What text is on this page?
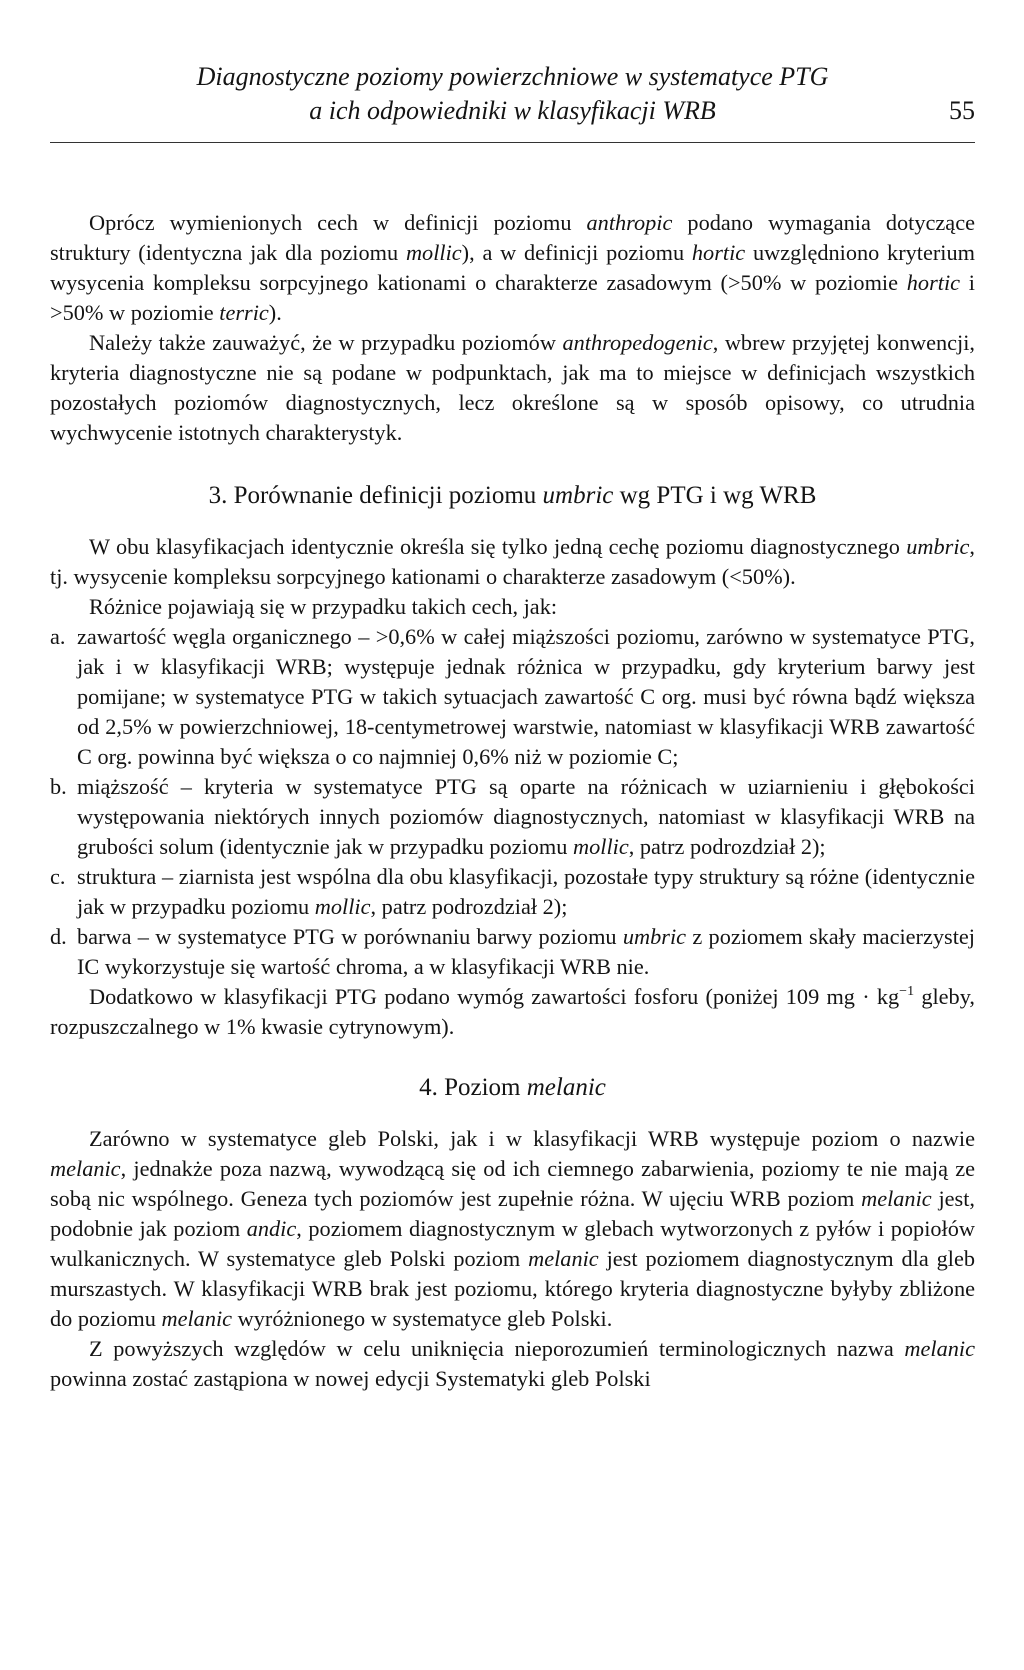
Diagnostyczne poziomy powierzchniowe w systematyce PTG
a ich odpowiedniki w klasyfikacji WRB	55

Oprócz wymienionych cech w definicji poziomu anthropic podano wymagania dotyczące struktury (identyczna jak dla poziomu mollic), a w definicji poziomu hortic uwzględniono kryterium wysycenia kompleksu sorpcyjnego kationami o charakterze zasadowym (>50% w poziomie hortic i >50% w poziomie terric).

Należy także zauważyć, że w przypadku poziomów anthropedogenic, wbrew przyjętej konwencji, kryteria diagnostyczne nie są podane w podpunktach, jak ma to miejsce w definicjach wszystkich pozostałych poziomów diagnostycznych, lecz określone są w sposób opisowy, co utrudnia wychwycenie istotnych charakterystyk.

3. Porównanie definicji poziomu umbric wg PTG i wg WRB

W obu klasyfikacjach identycznie określa się tylko jedną cechę poziomu diagnostycznego umbric, tj. wysycenie kompleksu sorpcyjnego kationami o charakterze zasadowym (<50%).

Różnice pojawiają się w przypadku takich cech, jak:

a. zawartość węgla organicznego – >0,6% w całej miąższości poziomu, zarówno w systematyce PTG, jak i w klasyfikacji WRB; występuje jednak różnica w przypadku, gdy kryterium barwy jest pomijane; w systematyce PTG w takich sytuacjach zawartość C org. musi być równa bądź większa od 2,5% w powierzchniowej, 18-centymetrowej warstwie, natomiast w klasyfikacji WRB zawartość C org. powinna być większa o co najmniej 0,6% niż w poziomie C;

b. miąższość – kryteria w systematyce PTG są oparte na różnicach w uziarnieniu i głębokości występowania niektórych innych poziomów diagnostycznych, natomiast w klasyfikacji WRB na grubości solum (identycznie jak w przypadku poziomu mollic, patrz podrozdział 2);

c. struktura – ziarnista jest wspólna dla obu klasyfikacji, pozostałe typy struktury są różne (identycznie jak w przypadku poziomu mollic, patrz podrozdział 2);

d. barwa – w systematyce PTG w porównaniu barwy poziomu umbric z poziomem skały macierzystej IC wykorzystuje się wartość chroma, a w klasyfikacji WRB nie.

Dodatkowo w klasyfikacji PTG podano wymóg zawartości fosforu (poniżej 109 mg · $kg^{-1}$ gleby, rozpuszczalnego w 1% kwasie cytrynowym).

4. Poziom melanic

Zarówno w systematyce gleb Polski, jak i w klasyfikacji WRB występuje poziom o nazwie melanic, jednakże poza nazwą, wywodzącą się od ich ciemnego zabarwienia, poziomy te nie mają ze sobą nic wspólnego. Geneza tych poziomów jest zupełnie różna. W ujęciu WRB poziom melanic jest, podobnie jak poziom andic, poziomem diagnostycznym w glebach wytworzonych z pyłów i popiołów wulkanicznych. W systematyce gleb Polski poziom melanic jest poziomem diagnostycznym dla gleb murszastych. W klasyfikacji WRB brak jest poziomu, którego kryteria diagnostyczne byłyby zbliżone do poziomu melanic wyróżnionego w systematyce gleb Polski.

Z powyższych względów w celu uniknięcia nieporozumień terminologicznych nazwa melanic powinna zostać zastąpiona w nowej edycji Systematyki gleb Polski
